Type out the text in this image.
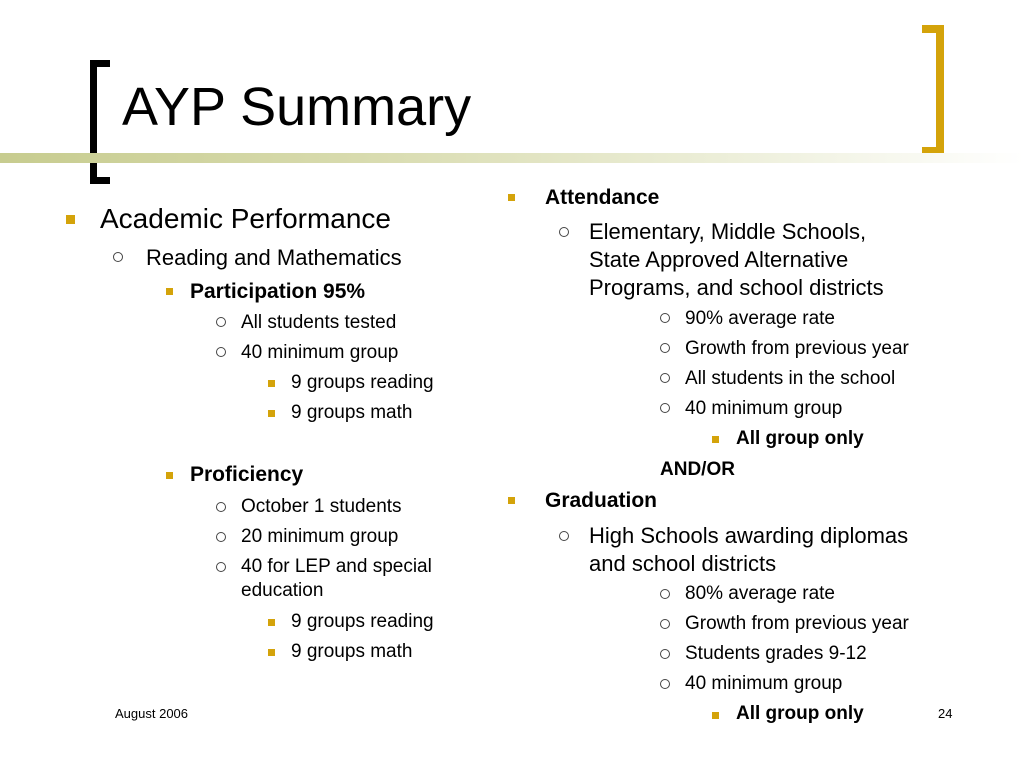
AYP Summary
Academic Performance
Reading and Mathematics
Participation 95%
All students tested
40 minimum group
9 groups reading
9 groups math
Proficiency
October 1 students
20 minimum group
40 for LEP and special
education
9 groups reading
9 groups math
Attendance
Elementary, Middle Schools,
State Approved Alternative
Programs, and school districts
90% average rate
Growth from previous year
All students in the school
40 minimum group
All group only
AND/OR
Graduation
High Schools awarding diplomas
and school districts
80% average rate
Growth from previous year
Students grades 9-12
40 minimum group
All group only
August 2006	24
